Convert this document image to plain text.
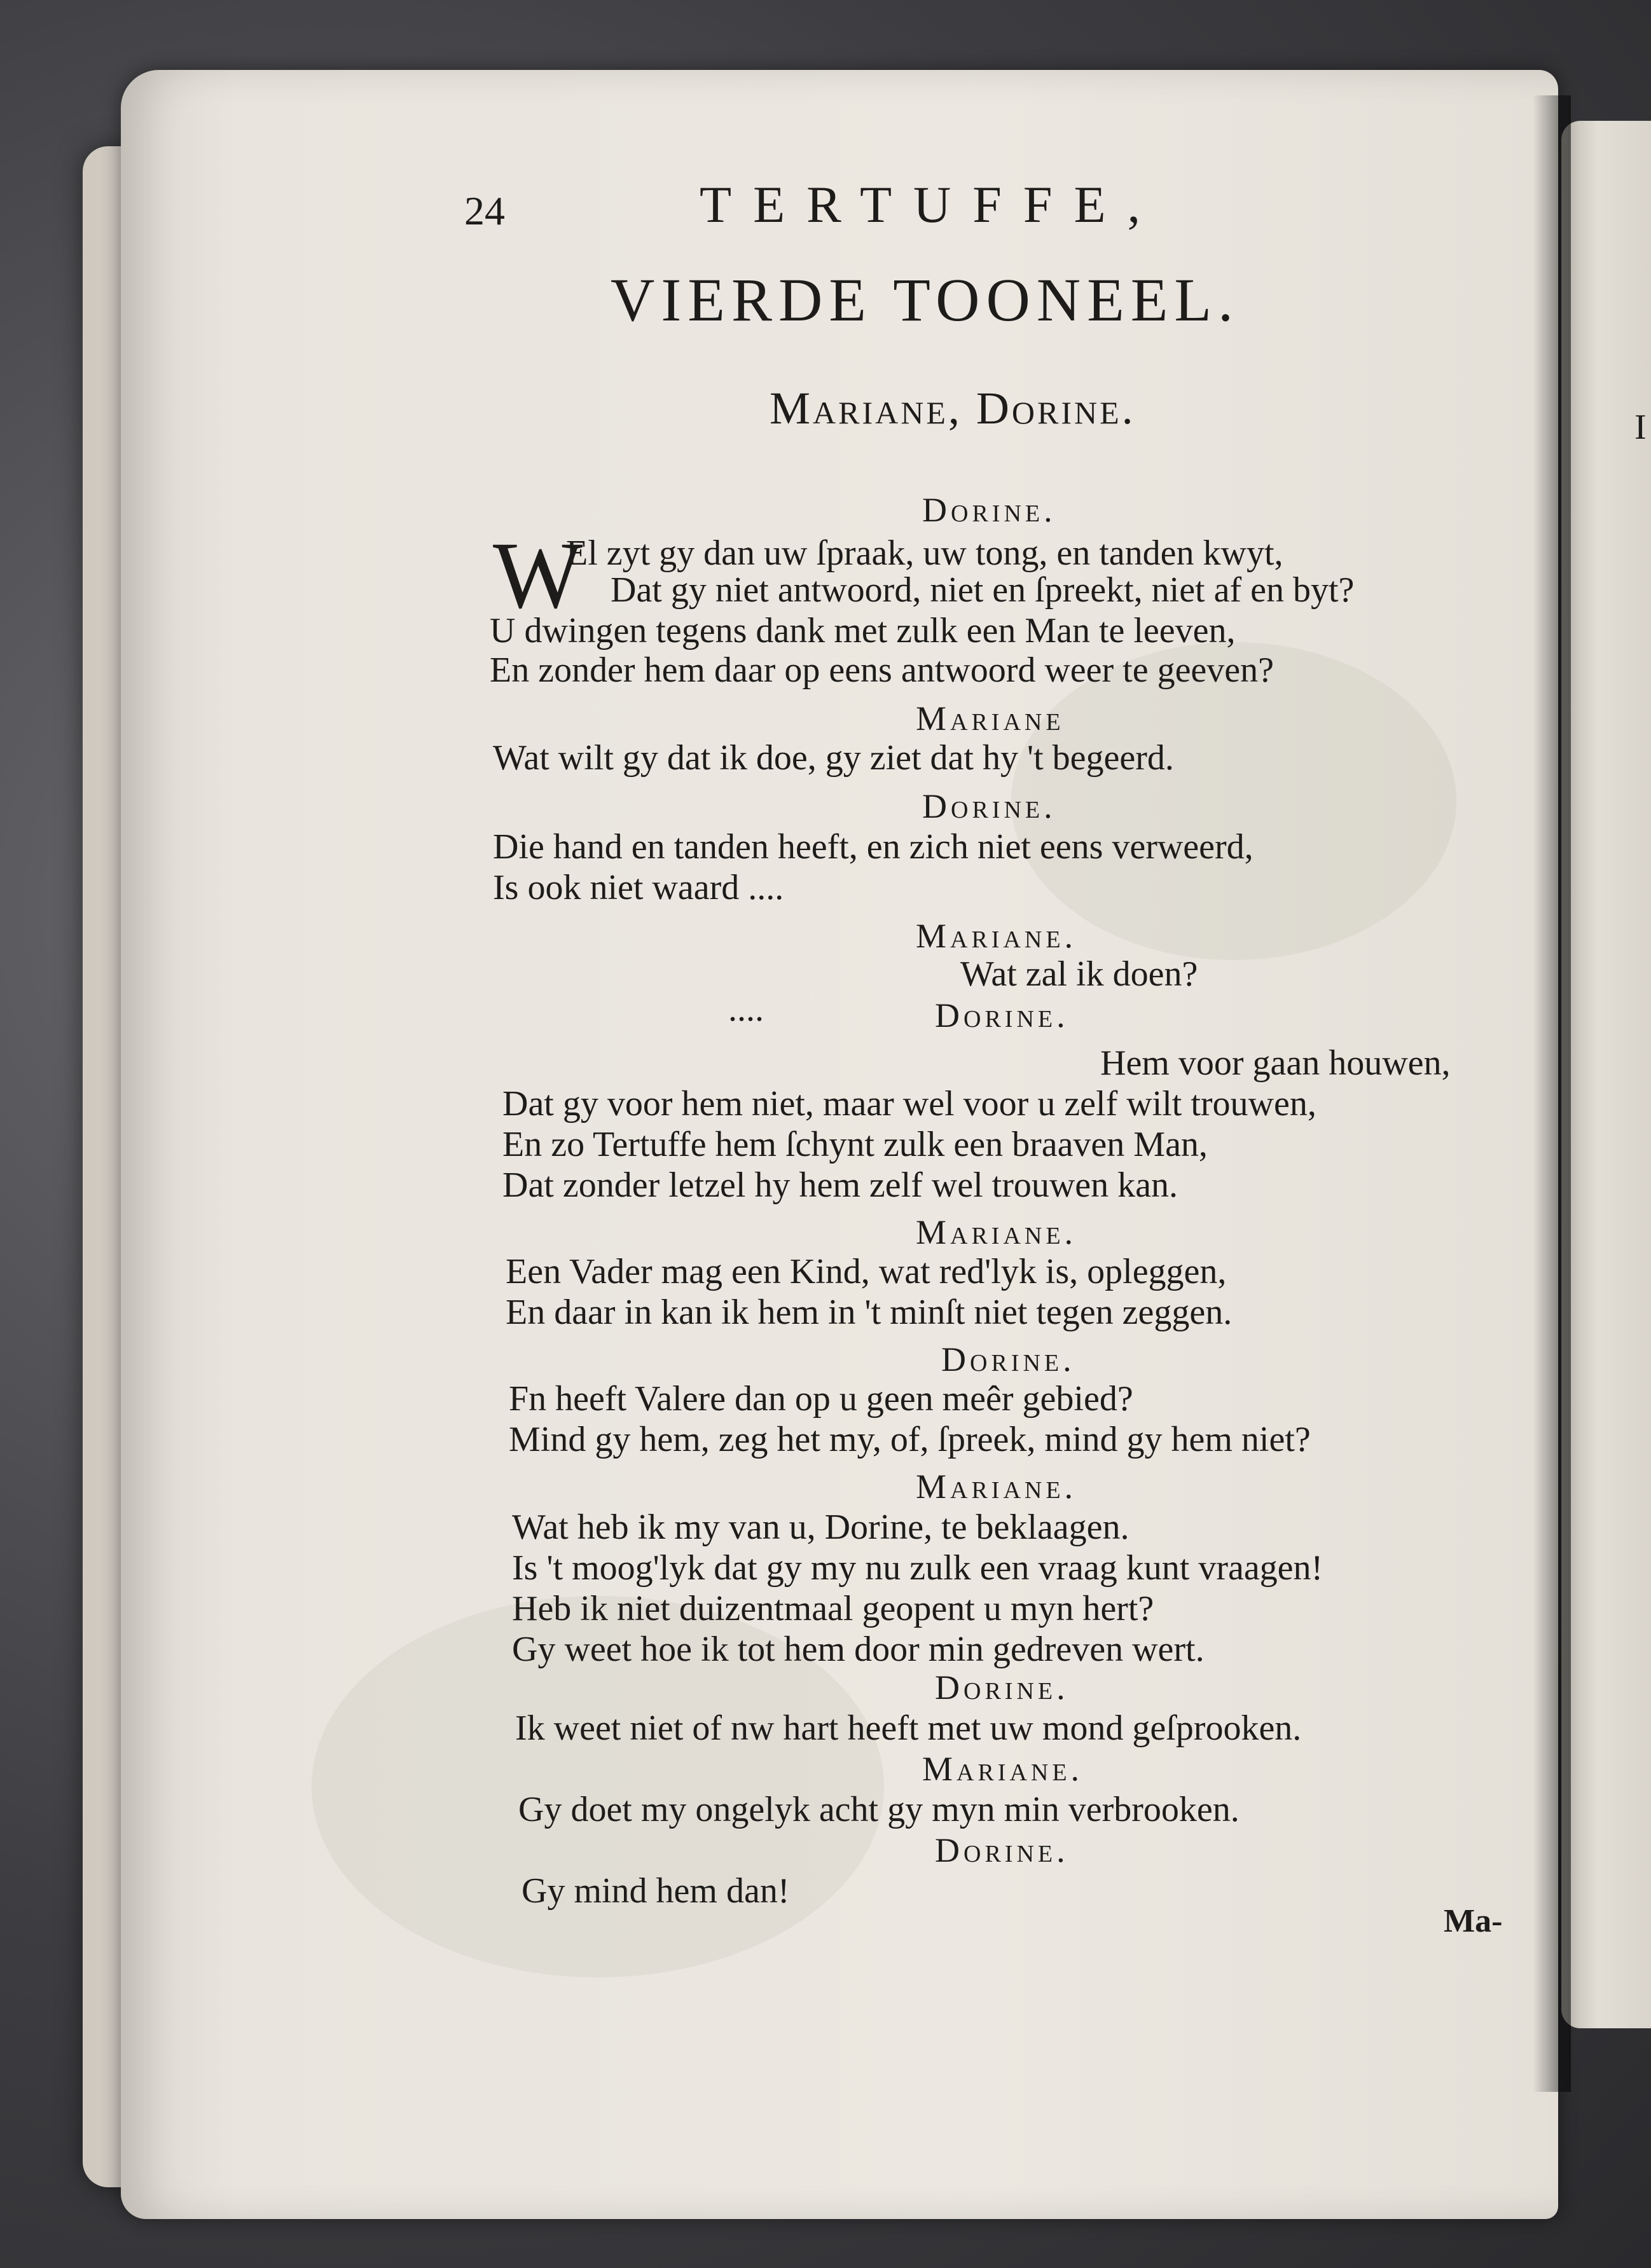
I
24	TERTUFFE,
VIERDE TOONEEL.
Mariane, Dorine.
W
Dorine.
El zyt gy dan uw ſpraak, uw tong, en tanden kwyt,
Dat gy niet antwoord, niet en ſpreekt, niet af en byt?
U dwingen tegens dank met zulk een Man te leeven,
En zonder hem daar op eens antwoord weer te geeven?
Mariane
Wat wilt gy dat ik doe, gy ziet dat hy 't begeerd.
Dorine.
Die hand en tanden heeft, en zich niet eens verweerd,
Is ook niet waard ....
Mariane.
Wat zal ik doen?
....	Dorine.
Hem voor gaan houwen,
Dat gy voor hem niet, maar wel voor u zelf wilt trouwen,
En zo Tertuffe hem ſchynt zulk een braaven Man,
Dat zonder letzel hy hem zelf wel trouwen kan.
Mariane.
Een Vader mag een Kind, wat red'lyk is, opleggen,
En daar in kan ik hem in 't minſt niet tegen zeggen.
Dorine.
Fn heeft Valere dan op u geen meêr gebied?
Mind gy hem, zeg het my, of, ſpreek, mind gy hem niet?
Mariane.
Wat heb ik my van u, Dorine, te beklaagen.
Is 't moog'lyk dat gy my nu zulk een vraag kunt vraagen!
Heb ik niet duizentmaal geopent u myn hert?
Gy weet hoe ik tot hem door min gedreven wert.
Dorine.
Ik weet niet of nw hart heeft met uw mond geſprooken.
Mariane.
Gy doet my ongelyk acht gy myn min verbrooken.
Dorine.
Gy mind hem dan!
Ma-
